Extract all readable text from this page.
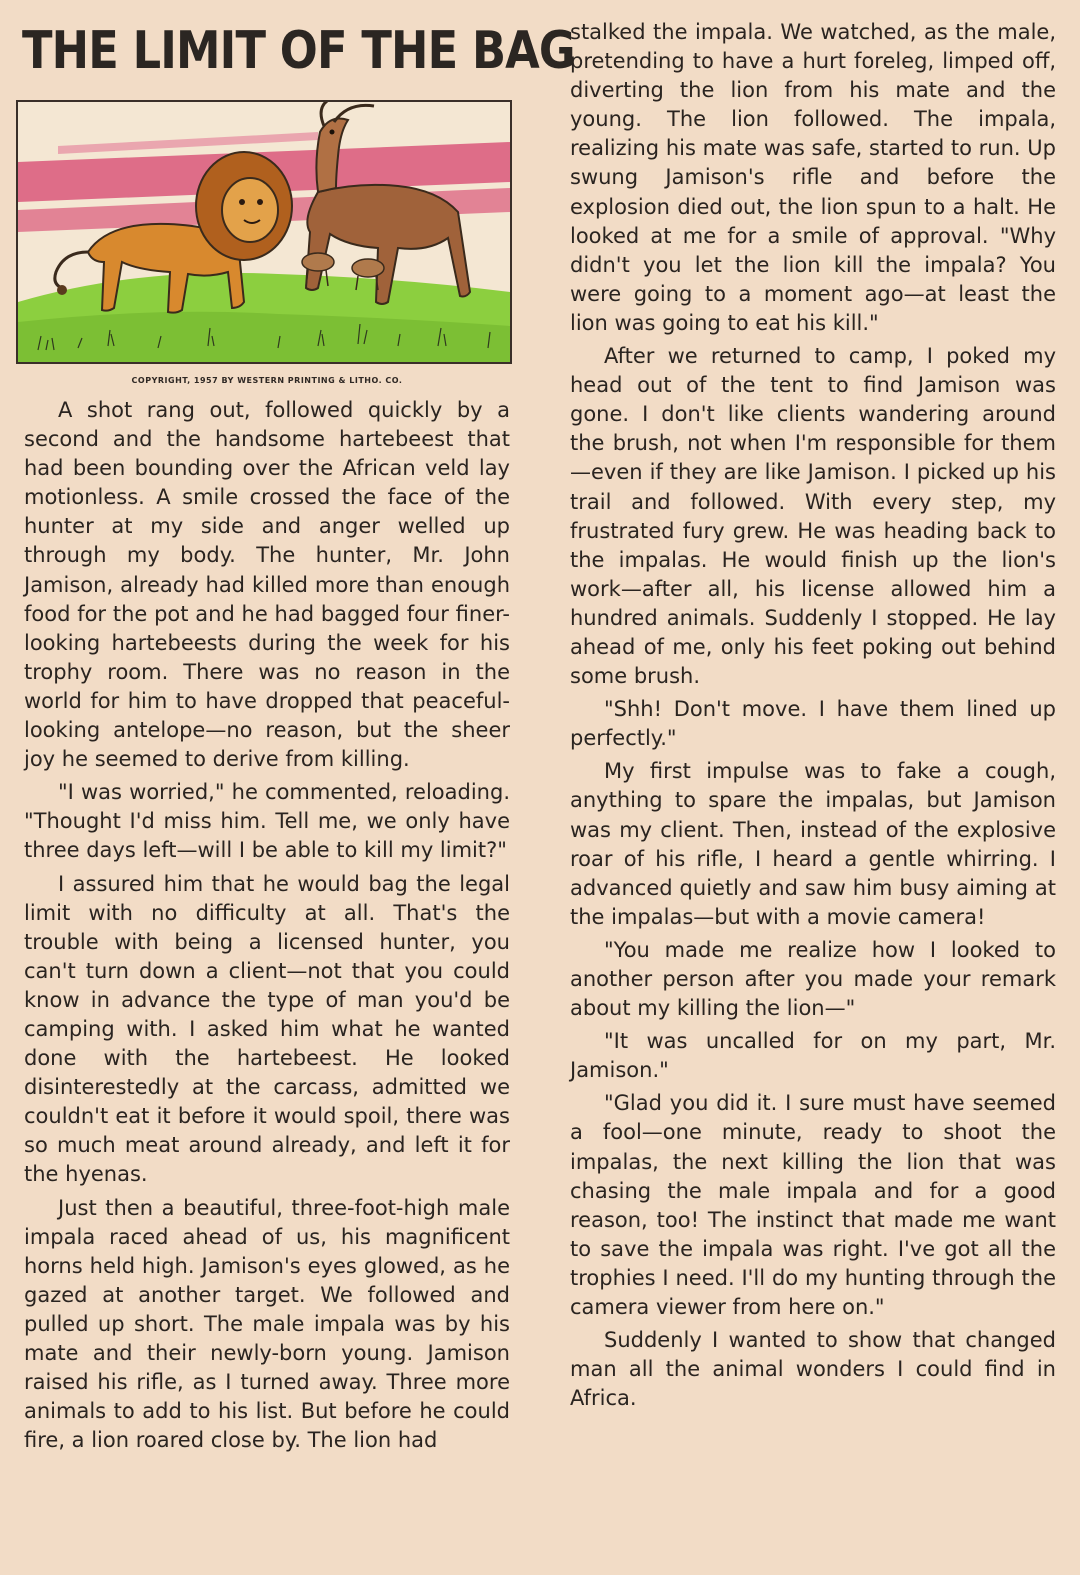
THE LIMIT OF THE BAG
COPYRIGHT, 1957 BY WESTERN PRINTING & LITHO. CO.

A shot rang out, followed quickly by a second and the handsome hartebeest that had been bounding over the African veld lay motionless. A smile crossed the face of the hunter at my side and anger welled up through my body. The hunter, Mr. John Jamison, already had killed more than enough food for the pot and he had bagged four finer-looking hartebeests during the week for his trophy room. There was no reason in the world for him to have dropped that peaceful-looking antelope—no reason, but the sheer joy he seemed to derive from killing.

"I was worried," he commented, reloading. "Thought I'd miss him. Tell me, we only have three days left—will I be able to kill my limit?"

I assured him that he would bag the legal limit with no difficulty at all. That's the trouble with being a licensed hunter, you can't turn down a client—not that you could know in advance the type of man you'd be camping with. I asked him what he wanted done with the hartebeest. He looked disinterestedly at the carcass, admitted we couldn't eat it before it would spoil, there was so much meat around already, and left it for the hyenas.

Just then a beautiful, three-foot-high male impala raced ahead of us, his magnificent horns held high. Jamison's eyes glowed, as he gazed at another target. We followed and pulled up short. The male impala was by his mate and their newly-born young. Jamison raised his rifle, as I turned away. Three more animals to add to his list. But before he could fire, a lion roared close by. The lion had

stalked the impala. We watched, as the male, pretending to have a hurt foreleg, limped off, diverting the lion from his mate and the young. The lion followed. The impala, realizing his mate was safe, started to run. Up swung Jamison's rifle and before the explosion died out, the lion spun to a halt. He looked at me for a smile of approval. "Why didn't you let the lion kill the impala? You were going to a moment ago—at least the lion was going to eat his kill."

After we returned to camp, I poked my head out of the tent to find Jamison was gone. I don't like clients wandering around the brush, not when I'm responsible for them—even if they are like Jamison. I picked up his trail and followed. With every step, my frustrated fury grew. He was heading back to the impalas. He would finish up the lion's work—after all, his license allowed him a hundred animals. Suddenly I stopped. He lay ahead of me, only his feet poking out behind some brush.

"Shh! Don't move. I have them lined up perfectly."

My first impulse was to fake a cough, anything to spare the impalas, but Jamison was my client. Then, instead of the explosive roar of his rifle, I heard a gentle whirring. I advanced quietly and saw him busy aiming at the impalas—but with a movie camera!

"You made me realize how I looked to another person after you made your remark about my killing the lion—"

"It was uncalled for on my part, Mr. Jamison."

"Glad you did it. I sure must have seemed a fool—one minute, ready to shoot the impalas, the next killing the lion that was chasing the male impala and for a good reason, too! The instinct that made me want to save the impala was right. I've got all the trophies I need. I'll do my hunting through the camera viewer from here on."

Suddenly I wanted to show that changed man all the animal wonders I could find in Africa.
